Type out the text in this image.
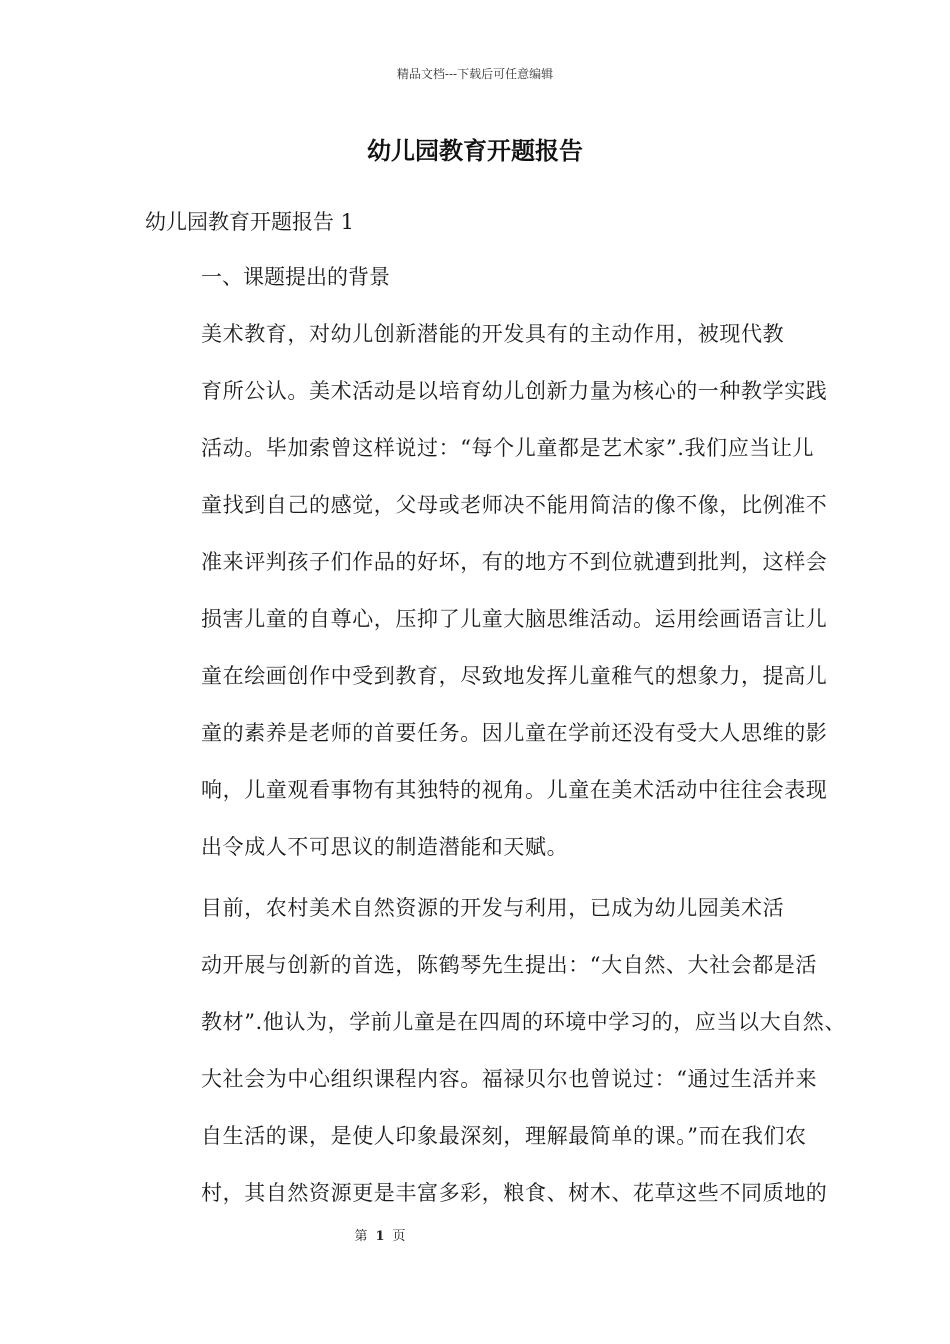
精品文档---下载后可任意编辑
幼儿园教育开题报告
幼儿园教育开题报告 1
一、课题提出的背景
美术教育，对幼儿创新潜能的开发具有的主动作用，被现代教
育所公认。美术活动是以培育幼儿创新力量为核心的一种教学实践
活动。毕加索曾这样说过：“每个儿童都是艺术家”.我们应当让儿
童找到自己的感觉，父母或老师决不能用简洁的像不像，比例准不
准来评判孩子们作品的好坏，有的地方不到位就遭到批判，这样会
损害儿童的自尊心，压抑了儿童大脑思维活动。运用绘画语言让儿
童在绘画创作中受到教育，尽致地发挥儿童稚气的想象力，提高儿
童的素养是老师的首要任务。因儿童在学前还没有受大人思维的影
响，儿童观看事物有其独特的视角。儿童在美术活动中往往会表现
出令成人不可思议的制造潜能和天赋。
目前，农村美术自然资源的开发与利用，已成为幼儿园美术活
动开展与创新的首选，陈鹤琴先生提出：“大自然、大社会都是活
教材”.他认为，学前儿童是在四周的环境中学习的，应当以大自然、
大社会为中心组织课程内容。福禄贝尔也曾说过：“通过生活并来
自生活的课，是使人印象最深刻，理解最简单的课。”而在我们农
村，其自然资源更是丰富多彩，粮食、树木、花草这些不同质地的
第 1 页
